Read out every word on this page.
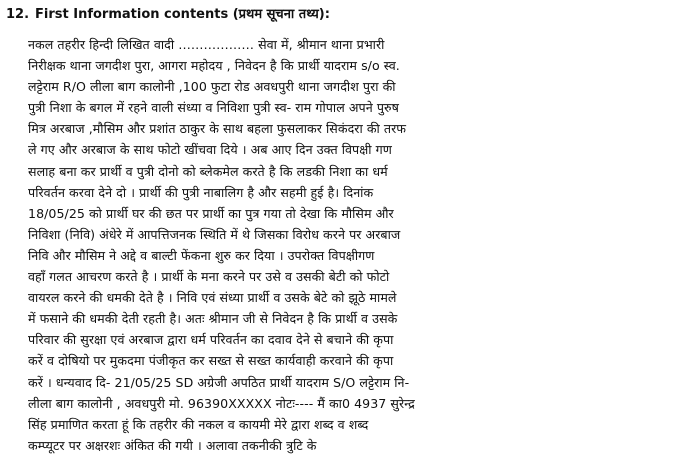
12. First Information contents (प्रथम सूचना तथ्य):
नकल तहरीर हिन्दी लिखित वादी ……………… सेवा में, श्रीमान थाना प्रभारी
निरीक्षक थाना जगदीश पुरा, आगरा महोदय , निवेदन है कि प्रार्थी यादराम s/o स्व.
लट्टेराम R/O लीला बाग कालोनी ,100 फुटा रोड अवधपुरी थाना जगदीश पुरा की
पुत्री निशा के बगल में रहने वाली संध्या व निविशा पुत्री स्व- राम गोपाल अपने पुरुष
मित्र अरबाज ,मौसिम और प्रशांत ठाकुर के साथ बहला फुसलाकर सिकंदरा की तरफ
ले गए और अरबाज के साथ फोटो खींचवा दिये । अब आए दिन उक्त विपक्षी गण
सलाह बना कर प्रार्थी व पुत्री दोनो को ब्लेकमेल करते है कि लडकी निशा का धर्म
परिवर्तन करवा देने दो । प्रार्थी की पुत्री नाबालिग है और सहमी हुई है। दिनांक
18/05/25 को प्रार्थी घर की छत पर प्रार्थी का पुत्र गया तो देखा कि मौसिम और
निविशा (निवि) अंधेरे में आपत्तिजनक स्थिति में थे जिसका विरोध करने पर अरबाज
निवि और मौसिम ने अद्दे व बाल्टी फेंकना शुरु कर दिया । उपरोक्त विपक्षीगण
वहाँ गलत आचरण करते है । प्रार्थी के मना करने पर उसे व उसकी बेटी को फोटो
वायरल करने की धमकी देते है । निवि एवं संध्या प्रार्थी व उसके बेटे को झूठे मामले
में फसाने की धमकी देती रहती है। अतः श्रीमान जी से निवेदन है कि प्रार्थी व उसके
परिवार की सुरक्षा एवं अरबाज द्वारा धर्म परिवर्तन का दवाव देने से बचाने की कृपा
करें व दोषियो पर मुकदमा पंजीकृत कर सख्त से सख्त कार्यवाही करवाने की कृपा
करें । धन्यवाद दि- 21/05/25 SD अग्रेजी अपठित प्रार्थी यादराम S/O लट्टेराम नि-
लीला बाग कालोनी , अवधपुरी मो. 96390XXXXX नोटः---- मैं का0 4937 सुरेन्द्र
सिंह प्रमाणित करता हूं कि तहरीर की नकल व कायमी मेरे द्वारा शब्द व शब्द
कम्प्यूटर पर अक्षरशः अंकित की गयी । अलावा तकनीकी त्रुटि के
